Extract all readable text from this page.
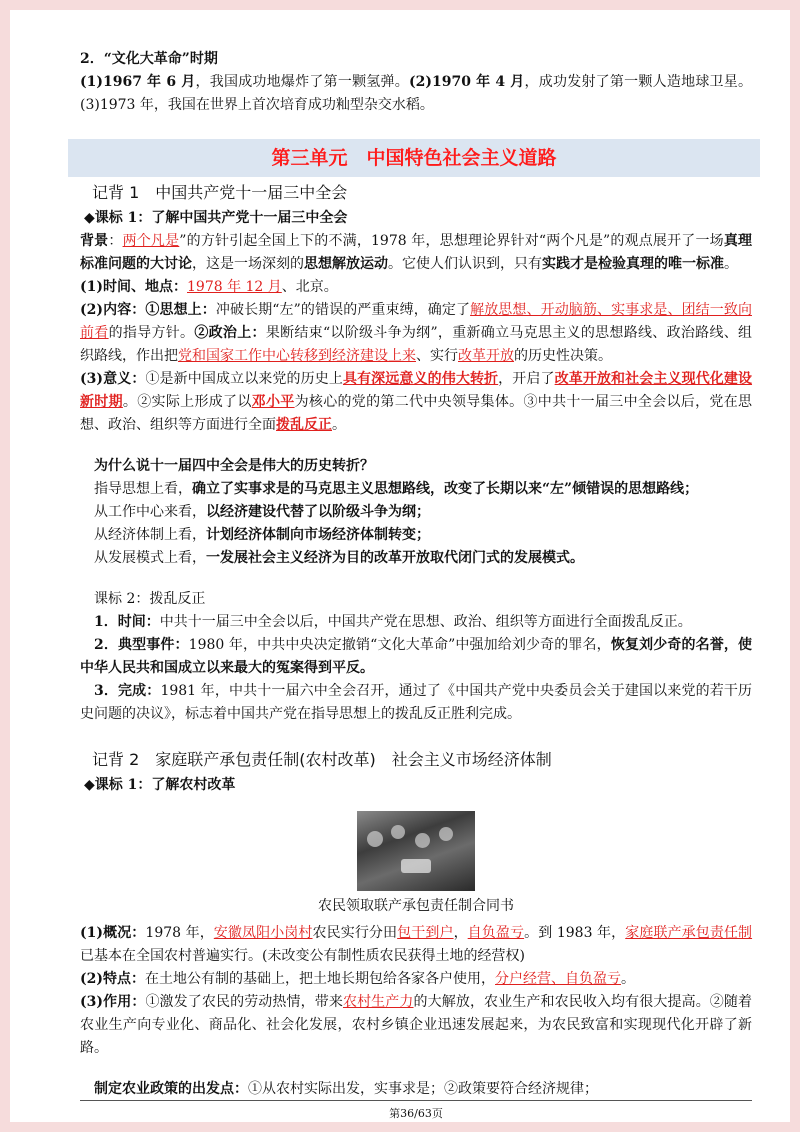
2．“文化大革命”时期

(1)1967 年 6 月，我国成功地爆炸了第一颗氢弹。(2)1970 年 4 月，成功发射了第一颗人造地球卫星。 (3)1973 年，我国在世界上首次培育成功籼型杂交水稻。

第三单元　中国特色社会主义道路
记背 1　中国共产党十一届三中全会

◆课标 1：了解中国共产党十一届三中全会

背景：两个凡是”的方针引起全国上下的不满，1978 年，思想理论界针对“两个凡是”的观点展开了一场真理标准问题的大讨论，这是一场深刻的思想解放运动。它使人们认识到，只有实践才是检验真理的唯一标准。

(1)时间、地点：1978 年 12 月、北京。

(2)内容：①思想上：冲破长期“左”的错误的严重束缚，确定了解放思想、开动脑筋、实事求是、团结一致向前看的指导方针。②政治上：果断结束“以阶级斗争为纲”，重新确立马克思主义的思想路线、政治路线、组织路线，作出把党和国家工作中心转移到经济建设上来、实行改革开放的历史性决策。

(3)意义：①是新中国成立以来党的历史上具有深远意义的伟大转折，开启了改革开放和社会主义现代化建设新时期。②实际上形成了以邓小平为核心的党的第二代中央领导集体。③中共十一届三中全会以后，党在思想、政治、组织等方面进行全面拨乱反正。

为什么说十一届四中全会是伟大的历史转折？

指导思想上看，确立了实事求是的马克思主义思想路线，改变了长期以来“左”倾错误的思想路线；

从工作中心来看，以经济建设代替了以阶级斗争为纲；

从经济体制上看，计划经济体制向市场经济体制转变；

从发展模式上看，一发展社会主义经济为目的改革开放取代闭门式的发展模式。

课标 2：拨乱反正

1．时间：中共十一届三中全会以后，中国共产党在思想、政治、组织等方面进行全面拨乱反正。

2．典型事件：1980 年，中共中央决定撤销“文化大革命”中强加给刘少奇的罪名，恢复刘少奇的名誉，使中华人民共和国成立以来最大的冤案得到平反。

3．完成：1981 年，中共十一届六中全会召开，通过了《中国共产党中央委员会关于建国以来党的若干历史问题的决议》，标志着中国共产党在指导思想上的拨乱反正胜利完成。

记背 2　家庭联产承包责任制(农村改革)　社会主义市场经济体制

◆课标 1：了解农村改革

农民领取联产承包责任制合同书

(1)概况：1978 年，安徽凤阳小岗村农民实行分田包干到户，自负盈亏。到 1983 年，家庭联产承包责任制已基本在全国农村普遍实行。(未改变公有制性质农民获得土地的经营权)

(2)特点：在土地公有制的基础上，把土地长期包给各家各户使用，分户经营、自负盈亏。

(3)作用：①激发了农民的劳动热情，带来农村生产力的大解放，农业生产和农民收入均有很大提高。②随着农业生产向专业化、商品化、社会化发展，农村乡镇企业迅速发展起来，为农民致富和实现现代化开辟了新路。

制定农业政策的出发点：①从农村实际出发，实事求是；②政策要符合经济规律；

第36/63页
